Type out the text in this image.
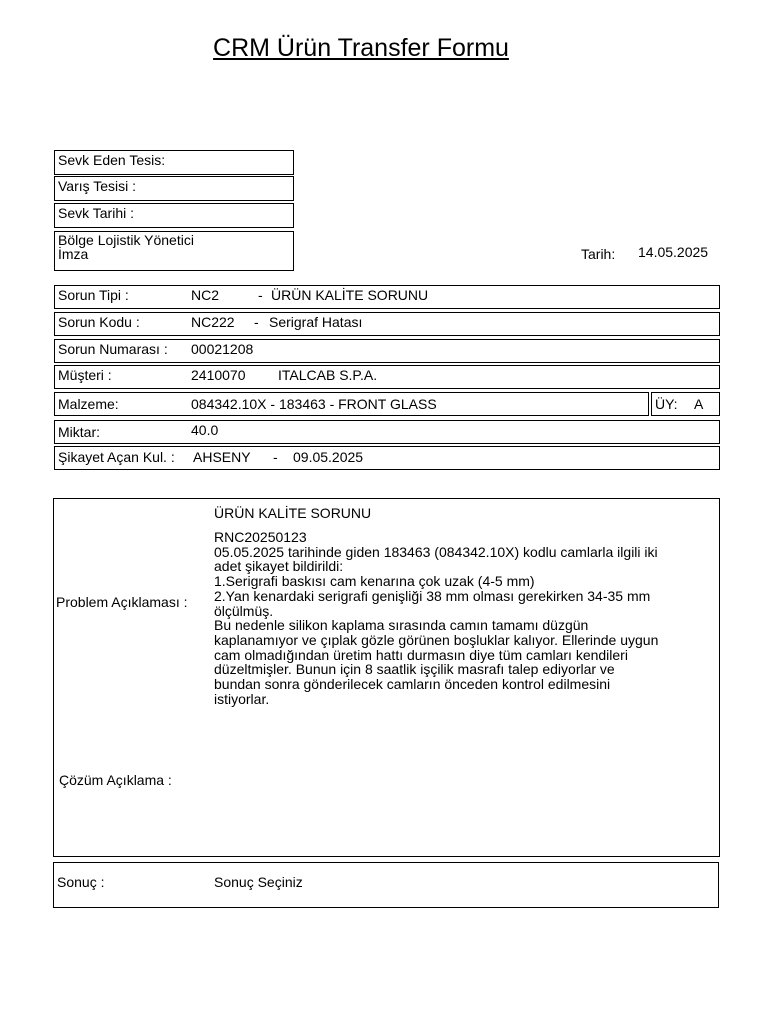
CRM Ürün Transfer Formu
Sevk Eden Tesis:
Varış Tesisi :
Sevk Tarihi :
Bölge Lojistik Yönetici
İmza	Tarih: 14.05.2025
Sorun Tipi :	NC2	- ÜRÜN KALİTE SORUNU
Sorun Kodu :	NC222 - Serigraf Hatası
Sorun Numarası : 00021208
Müşteri :	2410070 ITALCAB S.P.A.
Malzeme:	084342.10X - 183463 - FRONT GLASS	ÜY: A
Miktar:	40.0
Şikayet Açan Kul. : AHSENY - 09.05.2025
ÜRÜN KALİTE SORUNU
Problem Açıklaması :
RNC20250123
05.05.2025 tarihinde giden 183463 (084342.10X) kodlu camlarla ilgili iki
adet şikayet bildirildi:
1.Serigrafi baskısı cam kenarına çok uzak (4-5 mm)
2.Yan kenardaki serigrafi genişliği 38 mm olması gerekirken 34-35 mm
ölçülmüş.
Bu nedenle silikon kaplama sırasında camın tamamı düzgün
kaplanamıyor ve çıplak gözle görünen boşluklar kalıyor. Ellerinde uygun
cam olmadığından üretim hattı durmasın diye tüm camları kendileri
düzeltmişler. Bunun için 8 saatlik işçilik masrafı talep ediyorlar ve
bundan sonra gönderilecek camların önceden kontrol edilmesini
istiyorlar.
Çözüm Açıklama :
Sonuç :	Sonuç Seçiniz
